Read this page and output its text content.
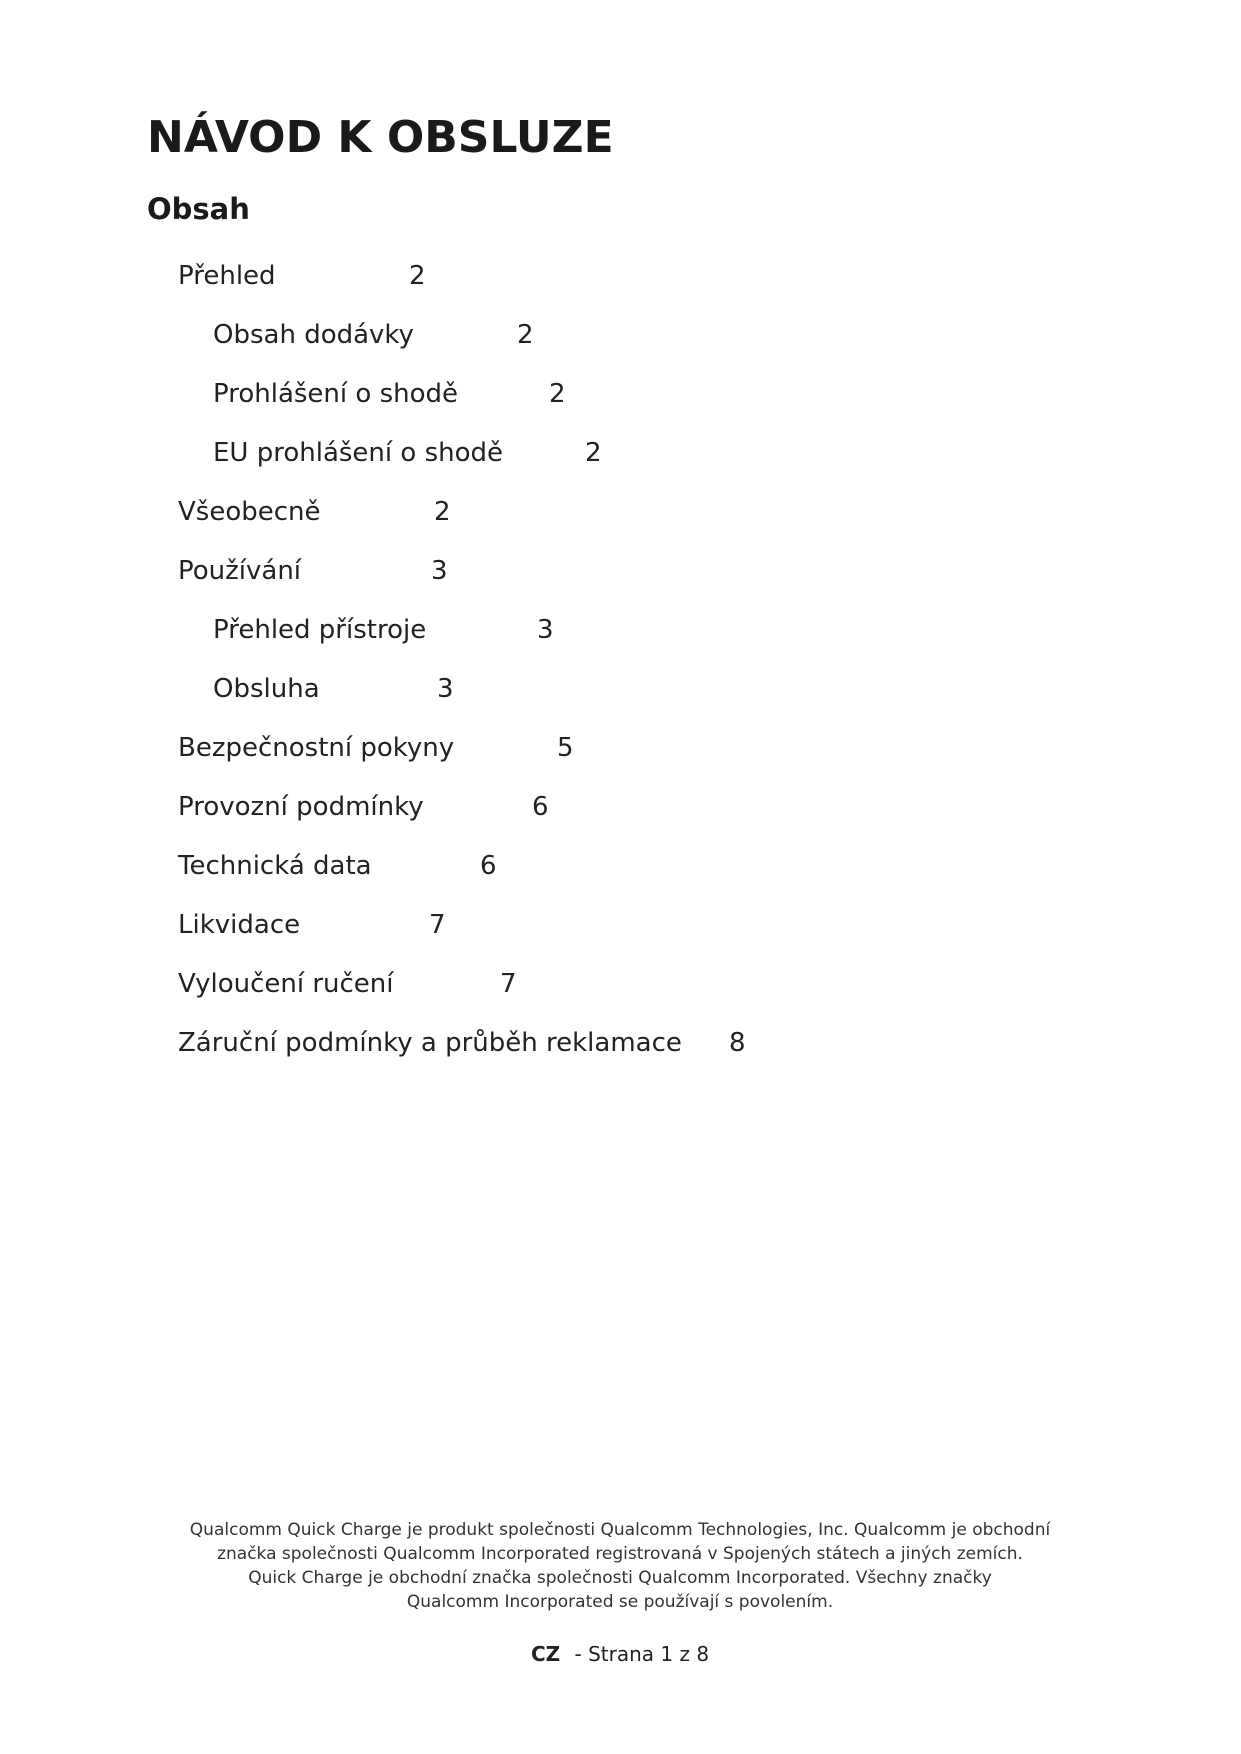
NÁVOD K OBSLUZE
Obsah
Přehled	2
Obsah dodávky	2
Prohlášení o shodě	2
EU prohlášení o shodě	2
Všeobecně	2
Používání	3
Přehled přístroje	3
Obsluha	3
Bezpečnostní pokyny	5
Provozní podmínky	6
Technická data	6
Likvidace	7
Vyloučení ručení	7
Záruční podmínky a průběh reklamace 8
Qualcomm Quick Charge je produkt společnosti Qualcomm Technologies, Inc. Qualcomm je obchodní
značka společnosti Qualcomm Incorporated registrovaná v Spojených státech a jiných zemích.
Quick Charge je obchodní značka společnosti Qualcomm Incorporated. Všechny značky
Qualcomm Incorporated se používají s povolením.
CZ - Strana 1 z 8
